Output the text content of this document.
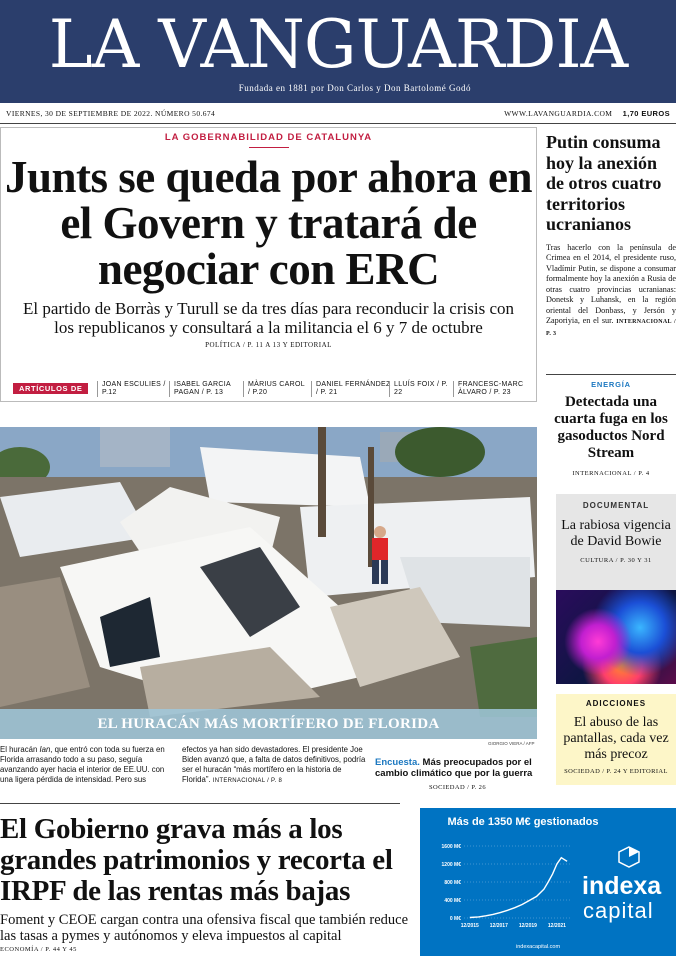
LA VANGUARDIA
Fundada en 1881 por Don Carlos y Don Bartolomé Godó
VIERNES, 30 DE SEPTIEMBRE DE 2022. NÚMERO 50.674	WWW.LAVANGUARDIA.COM 1,70 EUROS
LA GOBERNABILIDAD DE CATALUNYA
Junts se queda por ahora en el Govern y tratará de negociar con ERC
El partido de Borràs y Turull se da tres días para reconducir la crisis con los republicanos y consultará a la militancia el 6 y 7 de octubre
POLÍTICA / P. 11 A 13 Y EDITORIAL
ARTÍCULOS DE	JOAN ESCULIES / P.12
ISABEL GARCIA PAGAN / P. 13
MÀRIUS CAROL / P.20
DANIEL FERNÁNDEZ / P. 21
LLUÍS FOIX / P. 22
FRANCESC-MARC ÀLVARO / P. 23
Putin consuma hoy la anexión de otros cuatro territorios ucranianos

Tras hacerlo con la península de Crimea en el 2014, el presidente ruso, Vladímir Putin, se dispone a consumar formalmente hoy la anexión a Rusia de otras cuatro provincias ucranianas: Donetsk y Luhansk, en la región oriental del Donbass, y Jersón y Zaporiyia, en el sur. INTERNACIONAL / P. 3

ENERGÍA
Detectada una cuarta fuga en los gasoductos Nord Stream
INTERNACIONAL / P. 4
DOCUMENTAL
La rabiosa vigencia de David Bowie
CULTURA / P. 30 Y 31
ADICCIONES
El abuso de las pantallas, cada vez más precoz
SOCIEDAD / P. 24 Y EDITORIAL
EL HURACÁN MÁS MORTÍFERO DE FLORIDA
GIORGIO VIERA / AFP
El huracán Ian, que entró con toda su fuerza en Florida arrasando todo a su paso, seguía avanzando ayer hacia el interior de EE.UU. con una ligera pérdida de intensidad. Pero sus
efectos ya han sido devastadores. El presidente Joe Biden avanzó que, a falta de datos definitivos, podría ser el huracán “más mortífero en la historia de Florida”. INTERNACIONAL / P. 8
Encuesta. Más preocupados por el cambio climático que por la guerra
SOCIEDAD / P. 26
El Gobierno grava más a los grandes patrimonios y recorta el IRPF de las rentas más bajas

Foment y CEOE cargan contra una ofensiva fiscal que también reduce las tasas a pymes y autónomos y eleva impuestos al capital

ECONOMÍA / P. 44 Y 45
Más de 1350 M€ gestionados
0 M€
400 M€
800 M€
1200 M€
1600 M€
12/2015 12/2017 12/2019 12/2021
indexa
capital
indexacapital.com
